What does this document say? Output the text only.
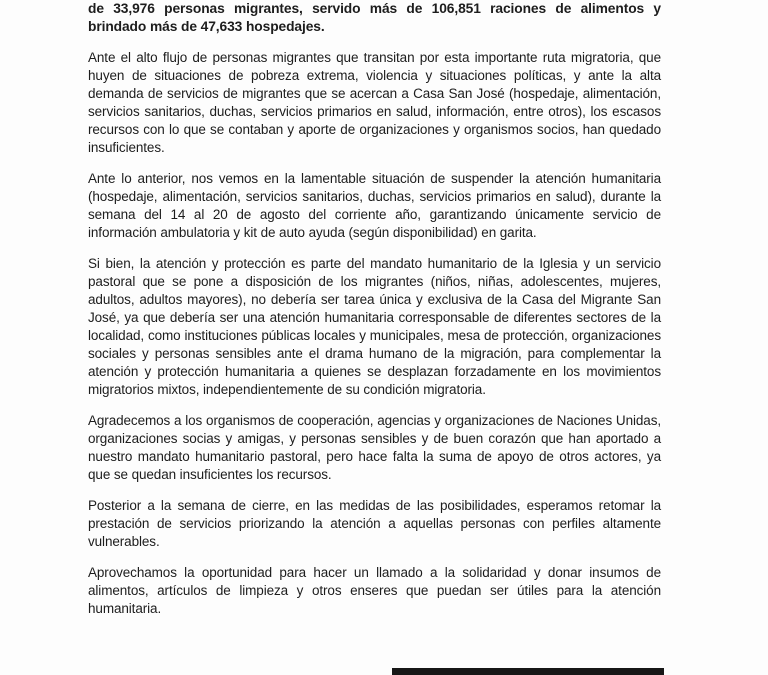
de 33,976 personas migrantes, servido más de 106,851 raciones de alimentos y brindado más de 47,633 hospedajes.

Ante el alto flujo de personas migrantes que transitan por esta importante ruta migratoria, que huyen de situaciones de pobreza extrema, violencia y situaciones políticas, y ante la alta demanda de servicios de migrantes que se acercan a Casa San José (hospedaje, alimentación, servicios sanitarios, duchas, servicios primarios en salud, información, entre otros), los escasos recursos con lo que se contaban y aporte de organizaciones y organismos socios, han quedado insuficientes.

Ante lo anterior, nos vemos en la lamentable situación de suspender la atención humanitaria (hospedaje, alimentación, servicios sanitarios, duchas, servicios primarios en salud), durante la semana del 14 al 20 de agosto del corriente año, garantizando únicamente servicio de información ambulatoria y kit de auto ayuda (según disponibilidad) en garita.

Si bien, la atención y protección es parte del mandato humanitario de la Iglesia y un servicio pastoral que se pone a disposición de los migrantes (niños, niñas, adolescentes, mujeres, adultos, adultos mayores), no debería ser tarea única y exclusiva de la Casa del Migrante San José, ya que debería ser una atención humanitaria corresponsable de diferentes sectores de la localidad, como instituciones públicas locales y municipales, mesa de protección, organizaciones sociales y personas sensibles ante el drama humano de la migración, para complementar la atención y protección humanitaria a quienes se desplazan forzadamente en los movimientos migratorios mixtos, independientemente de su condición migratoria.

Agradecemos a los organismos de cooperación, agencias y organizaciones de Naciones Unidas, organizaciones socias y amigas, y personas sensibles y de buen corazón que han aportado a nuestro mandato humanitario pastoral, pero hace falta la suma de apoyo de otros actores, ya que se quedan insuficientes los recursos.

Posterior a la semana de cierre, en las medidas de las posibilidades, esperamos retomar la prestación de servicios priorizando la atención a aquellas personas con perfiles altamente vulnerables.

Aprovechamos la oportunidad para hacer un llamado a la solidaridad y donar insumos de alimentos, artículos de limpieza y otros enseres que puedan ser útiles para la atención humanitaria.
